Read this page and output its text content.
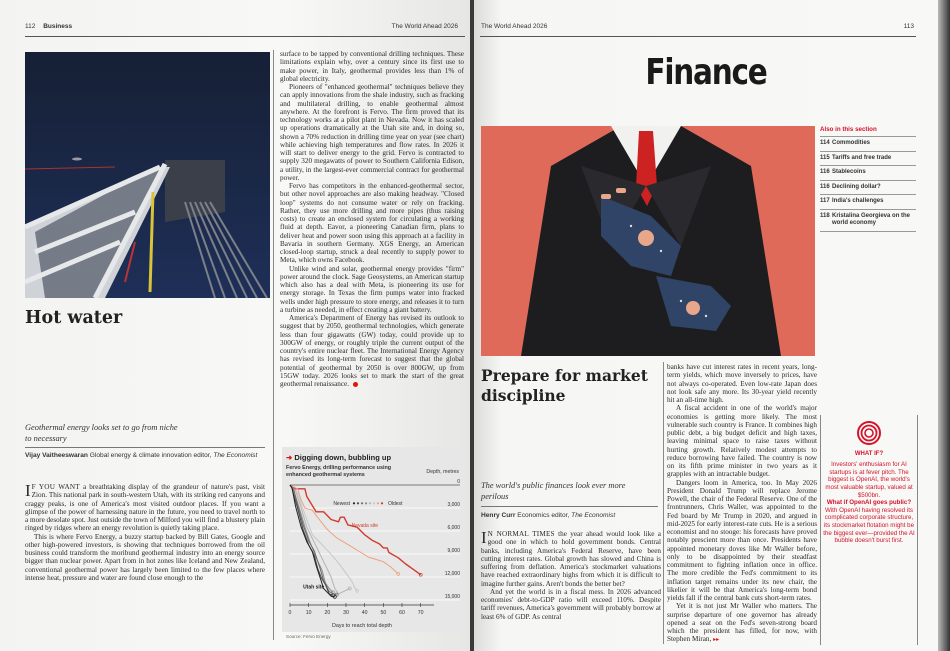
112 Business	The World Ahead 2026
Hot water
Geothermal energy looks set to go from niche to necessary
Vijay Vaitheeswaran Global energy & climate innovation editor, The Economist

I F YOU WANT a breathtaking display of the grandeur of nature's past, visit Zion. This national park in south-western Utah, with its striking red canyons and craggy peaks, is one of America's most visited outdoor places. If you want a glimpse of the power of harnessing nature in the future, you need to travel north to a more desolate spot. Just outside the town of Milford you will find a blustery plain ringed by ridges where an energy revolution is quietly taking place.

This is where Fervo Energy, a buzzy startup backed by Bill Gates, Google and other high-powered investors, is showing that techniques borrowed from the oil business could transform the moribund geothermal industry into an energy source bigger than nuclear power. Apart from in hot zones like Iceland and New Zealand, conventional geothermal power has largely been limited to the few places where intense heat, pressure and water are found close enough to the

surface to be tapped by conventional drilling techniques. These limitations explain why, over a century since its first use to make power, in Italy, geothermal provides less than 1% of global electricity.

Pioneers of "enhanced geothermal" techniques believe they can apply innovations from the shale industry, such as fracking and multilateral drilling, to enable geothermal almost anywhere. At the forefront is Fervo. The firm proved that its technology works at a pilot plant in Nevada. Now it has scaled up operations dramatically at the Utah site and, in doing so, shown a 70% reduction in drilling time year on year (see chart) while achieving high temperatures and flow rates. In 2026 it will start to deliver energy to the grid. Fervo is contracted to supply 320 megawatts of power to Southern California Edison, a utility, in the largest-ever commercial contract for geothermal power.

Fervo has competitors in the enhanced-geothermal sector, but other novel approaches are also making headway. "Closed loop" systems do not consume water or rely on fracking. Rather, they use more drilling and more pipes (thus raising costs) to create an enclosed system for circulating a working fluid at depth. Eavor, a pioneering Canadian firm, plans to deliver heat and power soon using this approach at a facility in Bavaria in southern Germany. XGS Energy, an American closed-loop startup, struck a deal recently to supply power to Meta, which owns Facebook.

Unlike wind and solar, geothermal energy provides "firm" power around the clock. Sage Geosystems, an American startup which also has a deal with Meta, is pioneering its use for energy storage. In Texas the firm pumps water into fracked wells under high pressure to store energy, and releases it to turn a turbine as needed, in effect creating a giant battery.

America's Department of Energy has revised its outlook to suggest that by 2050, geothermal technologies, which generate less than four gigawatts (GW) today, could provide up to 300GW of energy, or roughly triple the current output of the country's entire nuclear fleet. The International Energy Agency has revised its long-term forecast to suggest that the global potential of geothermal by 2050 is over 800GW, up from 15GW today. 2026 looks set to mark the start of the great geothermal renaissance.

➜ Digging down, bubbling up
Fervo Energy, drilling performance using enhanced geothermal systems	Depth, metres
0
3,000
6,000
9,000
12,000
15,000
0	10 20 30 40 50 60 70
Newest	Oldest
Nevada site
Utah site
Days to reach total depth
Source: Fervo Energy
The World Ahead 2026	113
Finance
Also in this section
114 Commodities
115 Tariffs and free trade
116 Stablecoins
116 Declining dollar?
117 India's challenges
118 Kristalina Georgieva on the world economy
Prepare for market discipline
The world's public finances look ever more perilous
Henry Curr Economics editor, The Economist

I N NORMAL TIMES the year ahead would look like a good one in which to hold government bonds. Central banks, including America's Federal Reserve, have been cutting interest rates. Global growth has slowed and China is suffering from deflation. America's stockmarket valuations have reached extraordinary highs from which it is difficult to imagine further gains. Aren't bonds the better bet?

And yet the world is in a fiscal mess. In 2026 advanced economies' debt-to-GDP ratio will exceed 110%. Despite tariff revenues, America's government will probably borrow at least 6% of GDP. As central

banks have cut interest rates in recent years, long-term yields, which move inversely to prices, have not always co-operated. Even low-rate Japan does not look safe any more. Its 30-year yield recently hit an all-time high.

A fiscal accident in one of the world's major economies is getting more likely. The most vulnerable such country is France. It combines high public debt, a big budget deficit and high taxes, leaving minimal space to raise taxes without hurting growth. Relatively modest attempts to reduce borrowing have failed. The country is now on its fifth prime minister in two years as it grapples with an intractable budget.

Dangers loom in America, too. In May 2026 President Donald Trump will replace Jerome Powell, the chair of the Federal Reserve. One of the frontrunners, Chris Waller, was appointed to the Fed board by Mr Trump in 2020, and argued in mid-2025 for early interest-rate cuts. He is a serious economist and no stooge: his forecasts have proved notably prescient more than once. Presidents have appointed monetary doves like Mr Waller before, only to be disappointed by their steadfast commitment to fighting inflation once in office. The more credible the Fed's commitment to its inflation target remains under its new chair, the likelier it will be that America's long-term bond yields fall if the central bank cuts short-term rates.

Yet it is not just Mr Waller who matters. The surprise departure of one governor has already opened a seat on the Fed's seven-strong board which the president has filled, for now, with Stephen Miran, ▸▸

WHAT IF?
Investors' enthusiasm for AI startups is at fever pitch. The biggest is OpenAI, the world's most valuable startup, valued at $500bn.
What if OpenAI goes public?
With OpenAI having resolved its complicated corporate structure, its stockmarket flotation might be the biggest ever—provided the AI bubble doesn't burst first.
